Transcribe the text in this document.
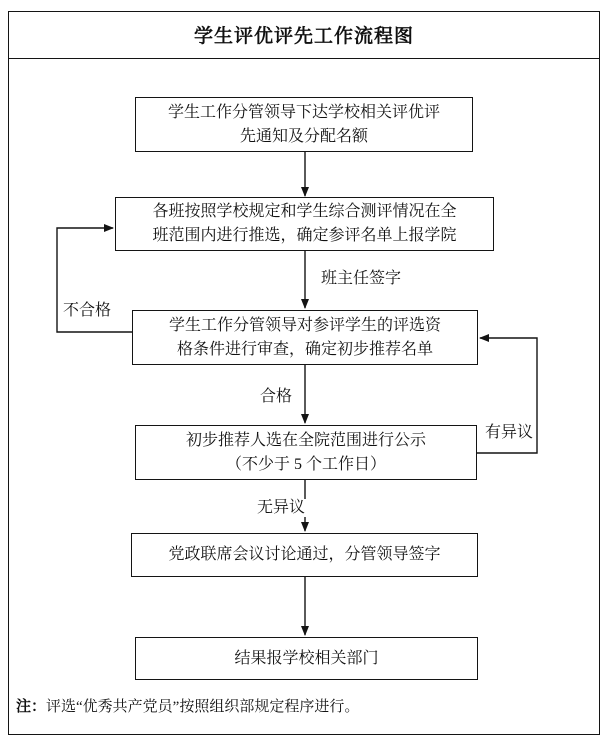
学生评优评先工作流程图
学生工作分管领导下达学校相关评优评
先通知及分配名额
各班按照学校规定和学生综合测评情况在全
班范围内进行推选，确定参评名单上报学院
学生工作分管领导对参评学生的评选资
格条件进行审查，确定初步推荐名单
初步推荐人选在全院范围进行公示
（不少于 5 个工作日）
党政联席会议讨论通过，分管领导签字
结果报学校相关部门
班主任签字
合格
不合格
无异议
有异议
注：评选“优秀共产党员”按照组织部规定程序进行。
